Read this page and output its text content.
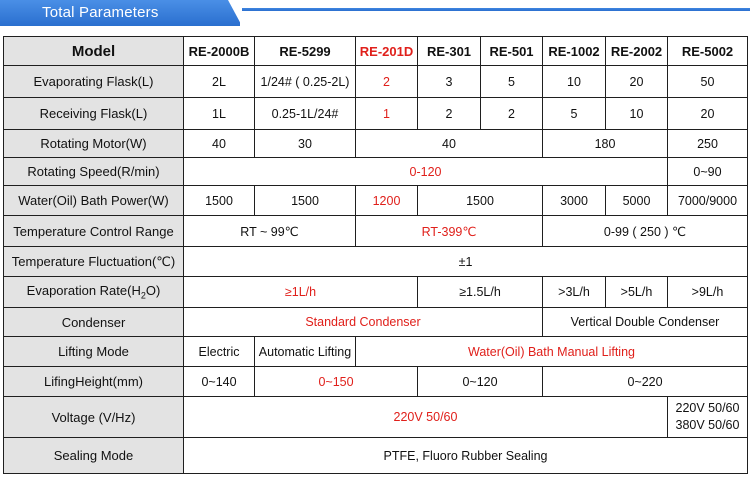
Total Parameters
Model	RE-2000B	RE-5299	RE-201D	RE-301	RE-501	RE-1002	RE-2002	RE-5002
Evaporating Flask(L)	2L	1/24# ( 0.25-2L)	2	3	5	10	20	50
Receiving Flask(L)	1L	0.25-1L/24#	1	2	2	5	10	20
Rotating Motor(W)	40	30	40			180		250
Rotating Speed(R/min)	0-120							0~90
Water(Oil) Bath Power(W)	1500	1500	1200	1500		3000	5000	7000/9000
Temperature Control Range	RT ~ 99℃		RT-399℃			0-99 ( 250 ) ℃		
Temperature Fluctuation(℃)	±1							
Evaporation $Rate(H_2O)$	≥1L/h			≥1.5L/h		>3L/h	>5L/h	>9L/h
Condenser	Standard Condenser					Vertical Double Condenser		
Lifting Mode	Electric	Automatic Lifting	Water(Oil) Bath Manual Lifting					
LifingHeight(mm)	0~140	0~150		0~120		0~220		
Voltage (V/Hz)	220V 50/60							220V 50/60
380V 50/60

Sealing Mode	PTFE, Fluoro Rubber Sealing							
